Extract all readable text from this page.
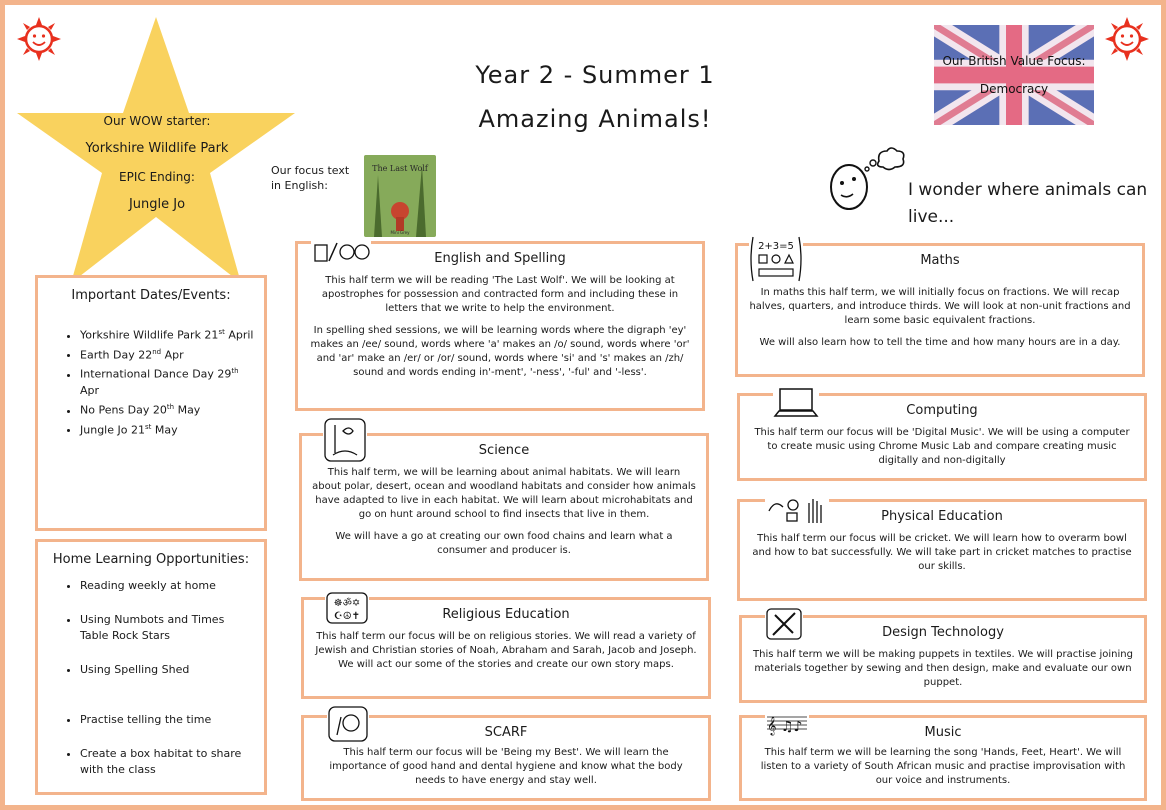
Our WOW starter:
Yorkshire Wildlife Park
EPIC Ending:
Jungle Jo
Year 2 - Summer 1
Amazing Animals!
Our British Value Focus:
Democracy
Our focus text in English:
The Last Wolf
Mini Grey
I wonder where animals can live...
Important Dates/Events:
• Yorkshire Wildlife Park 21st April
• Earth Day 22nd Apr
• International Dance Day 29th Apr
• No Pens Day 20th May
• Jungle Jo 21st May
Home Learning Opportunities:
• Reading weekly at home
• Using Numbots and Times Table Rock Stars
• Using Spelling Shed
• Practise telling the time
• Create a box habitat to share with the class
English and Spelling

This half term we will be reading 'The Last Wolf'. We will be looking at apostrophes for possession and contracted form and including these in letters that we write to help the environment.

In spelling shed sessions, we will be learning words where the digraph 'ey' makes an /ee/ sound, words where 'a' makes an /o/ sound, words where 'or' and 'ar' make an /er/ or /or/ sound, words where 'si' and 's' makes an /zh/ sound and words ending in'-ment', '-ness', '-ful' and '-less'.

Science

This half term, we will be learning about animal habitats. We will learn about polar, desert, ocean and woodland habitats and consider how animals have adapted to live in each habitat. We will learn about microhabitats and go on hunt around school to find insects that live in them.

We will have a go at creating our own food chains and learn what a consumer and producer is.

Religious Education

This half term our focus will be on religious stories. We will read a variety of Jewish and Christian stories of Noah, Abraham and Sarah, Jacob and Joseph. We will act our some of the stories and create our own story maps.

☸ॐ✡
☪☮✝
SCARF

This half term our focus will be 'Being my Best'. We will learn the importance of good hand and dental hygiene and know what the body needs to have energy and stay well.

Maths

In maths this half term, we will initially focus on fractions. We will recap halves, quarters, and introduce thirds. We will look at non-unit fractions and learn some basic equivalent fractions.

We will also learn how to tell the time and how many hours are in a day.

2+3=5
Computing

This half term our focus will be 'Digital Music'. We will be using a computer to create music using Chrome Music Lab and compare creating music digitally and non-digitally

Physical Education

This half term our focus will be cricket. We will learn how to overarm bowl and how to bat successfully. We will take part in cricket matches to practise our skills.

Design Technology

This half term we will be making puppets in textiles. We will practise joining materials together by sewing and then design, make and evaluate our own puppet.

Music

This half term we will be learning the song 'Hands, Feet, Heart'. We will listen to a variety of South African music and practise improvisation with our voice and instruments.

𝄞 ♫♪
